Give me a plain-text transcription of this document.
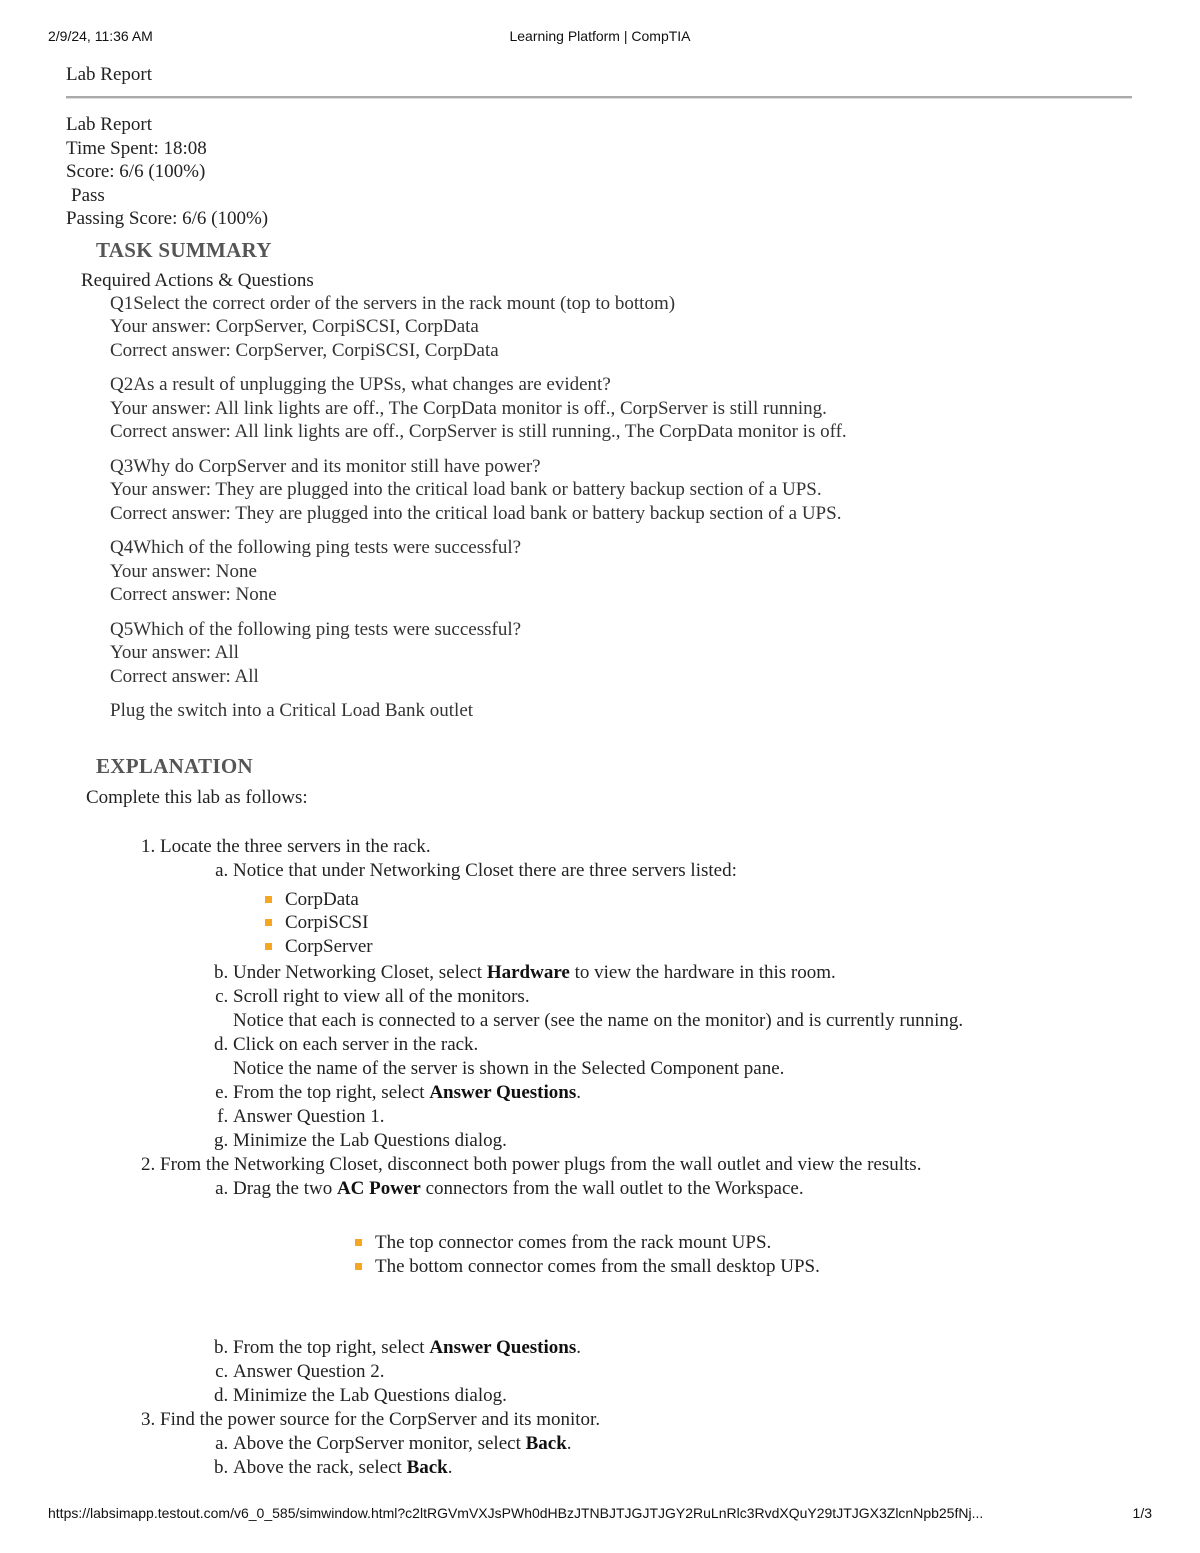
2/9/24, 11:36 AM	Learning Platform | CompTIA
Lab Report
Lab Report
Time Spent: 18:08
Score: 6/6 (100%)
Pass
Passing Score: 6/6 (100%)
TASK SUMMARY
Required Actions & Questions
Q1Select the correct order of the servers in the rack mount (top to bottom)
Your answer: CorpServer, CorpiSCSI, CorpData
Correct answer: CorpServer, CorpiSCSI, CorpData
Q2As a result of unplugging the UPSs, what changes are evident?
Your answer: All link lights are off., The CorpData monitor is off., CorpServer is still running.
Correct answer: All link lights are off., CorpServer is still running., The CorpData monitor is off.
Q3Why do CorpServer and its monitor still have power?
Your answer: They are plugged into the critical load bank or battery backup section of a UPS.
Correct answer: They are plugged into the critical load bank or battery backup section of a UPS.
Q4Which of the following ping tests were successful?
Your answer: None
Correct answer: None
Q5Which of the following ping tests were successful?
Your answer: All
Correct answer: All
Plug the switch into a Critical Load Bank outlet
EXPLANATION
Complete this lab as follows:
1. Locate the three servers in the rack.
a. Notice that under Networking Closet there are three servers listed:
CorpData
CorpiSCSI
CorpServer
b. Under Networking Closet, select Hardware to view the hardware in this room.
c. Scroll right to view all of the monitors.
Notice that each is connected to a server (see the name on the monitor) and is currently running.
d. Click on each server in the rack.
Notice the name of the server is shown in the Selected Component pane.
e. From the top right, select Answer Questions.
f. Answer Question 1.
g. Minimize the Lab Questions dialog.
2. From the Networking Closet, disconnect both power plugs from the wall outlet and view the results.
a. Drag the two AC Power connectors from the wall outlet to the Workspace.
The top connector comes from the rack mount UPS.
The bottom connector comes from the small desktop UPS.
b. From the top right, select Answer Questions.
c. Answer Question 2.
d. Minimize the Lab Questions dialog.
3. Find the power source for the CorpServer and its monitor.
a. Above the CorpServer monitor, select Back.
b. Above the rack, select Back.
https://labsimapp.testout.com/v6_0_585/simwindow.html?c2ltRGVmVXJsPWh0dHBzJTNBJTJGJTJGY2RuLnRlc3RvdXQuY29tJTJGX3ZlcnNpb25fNj...	1/3
